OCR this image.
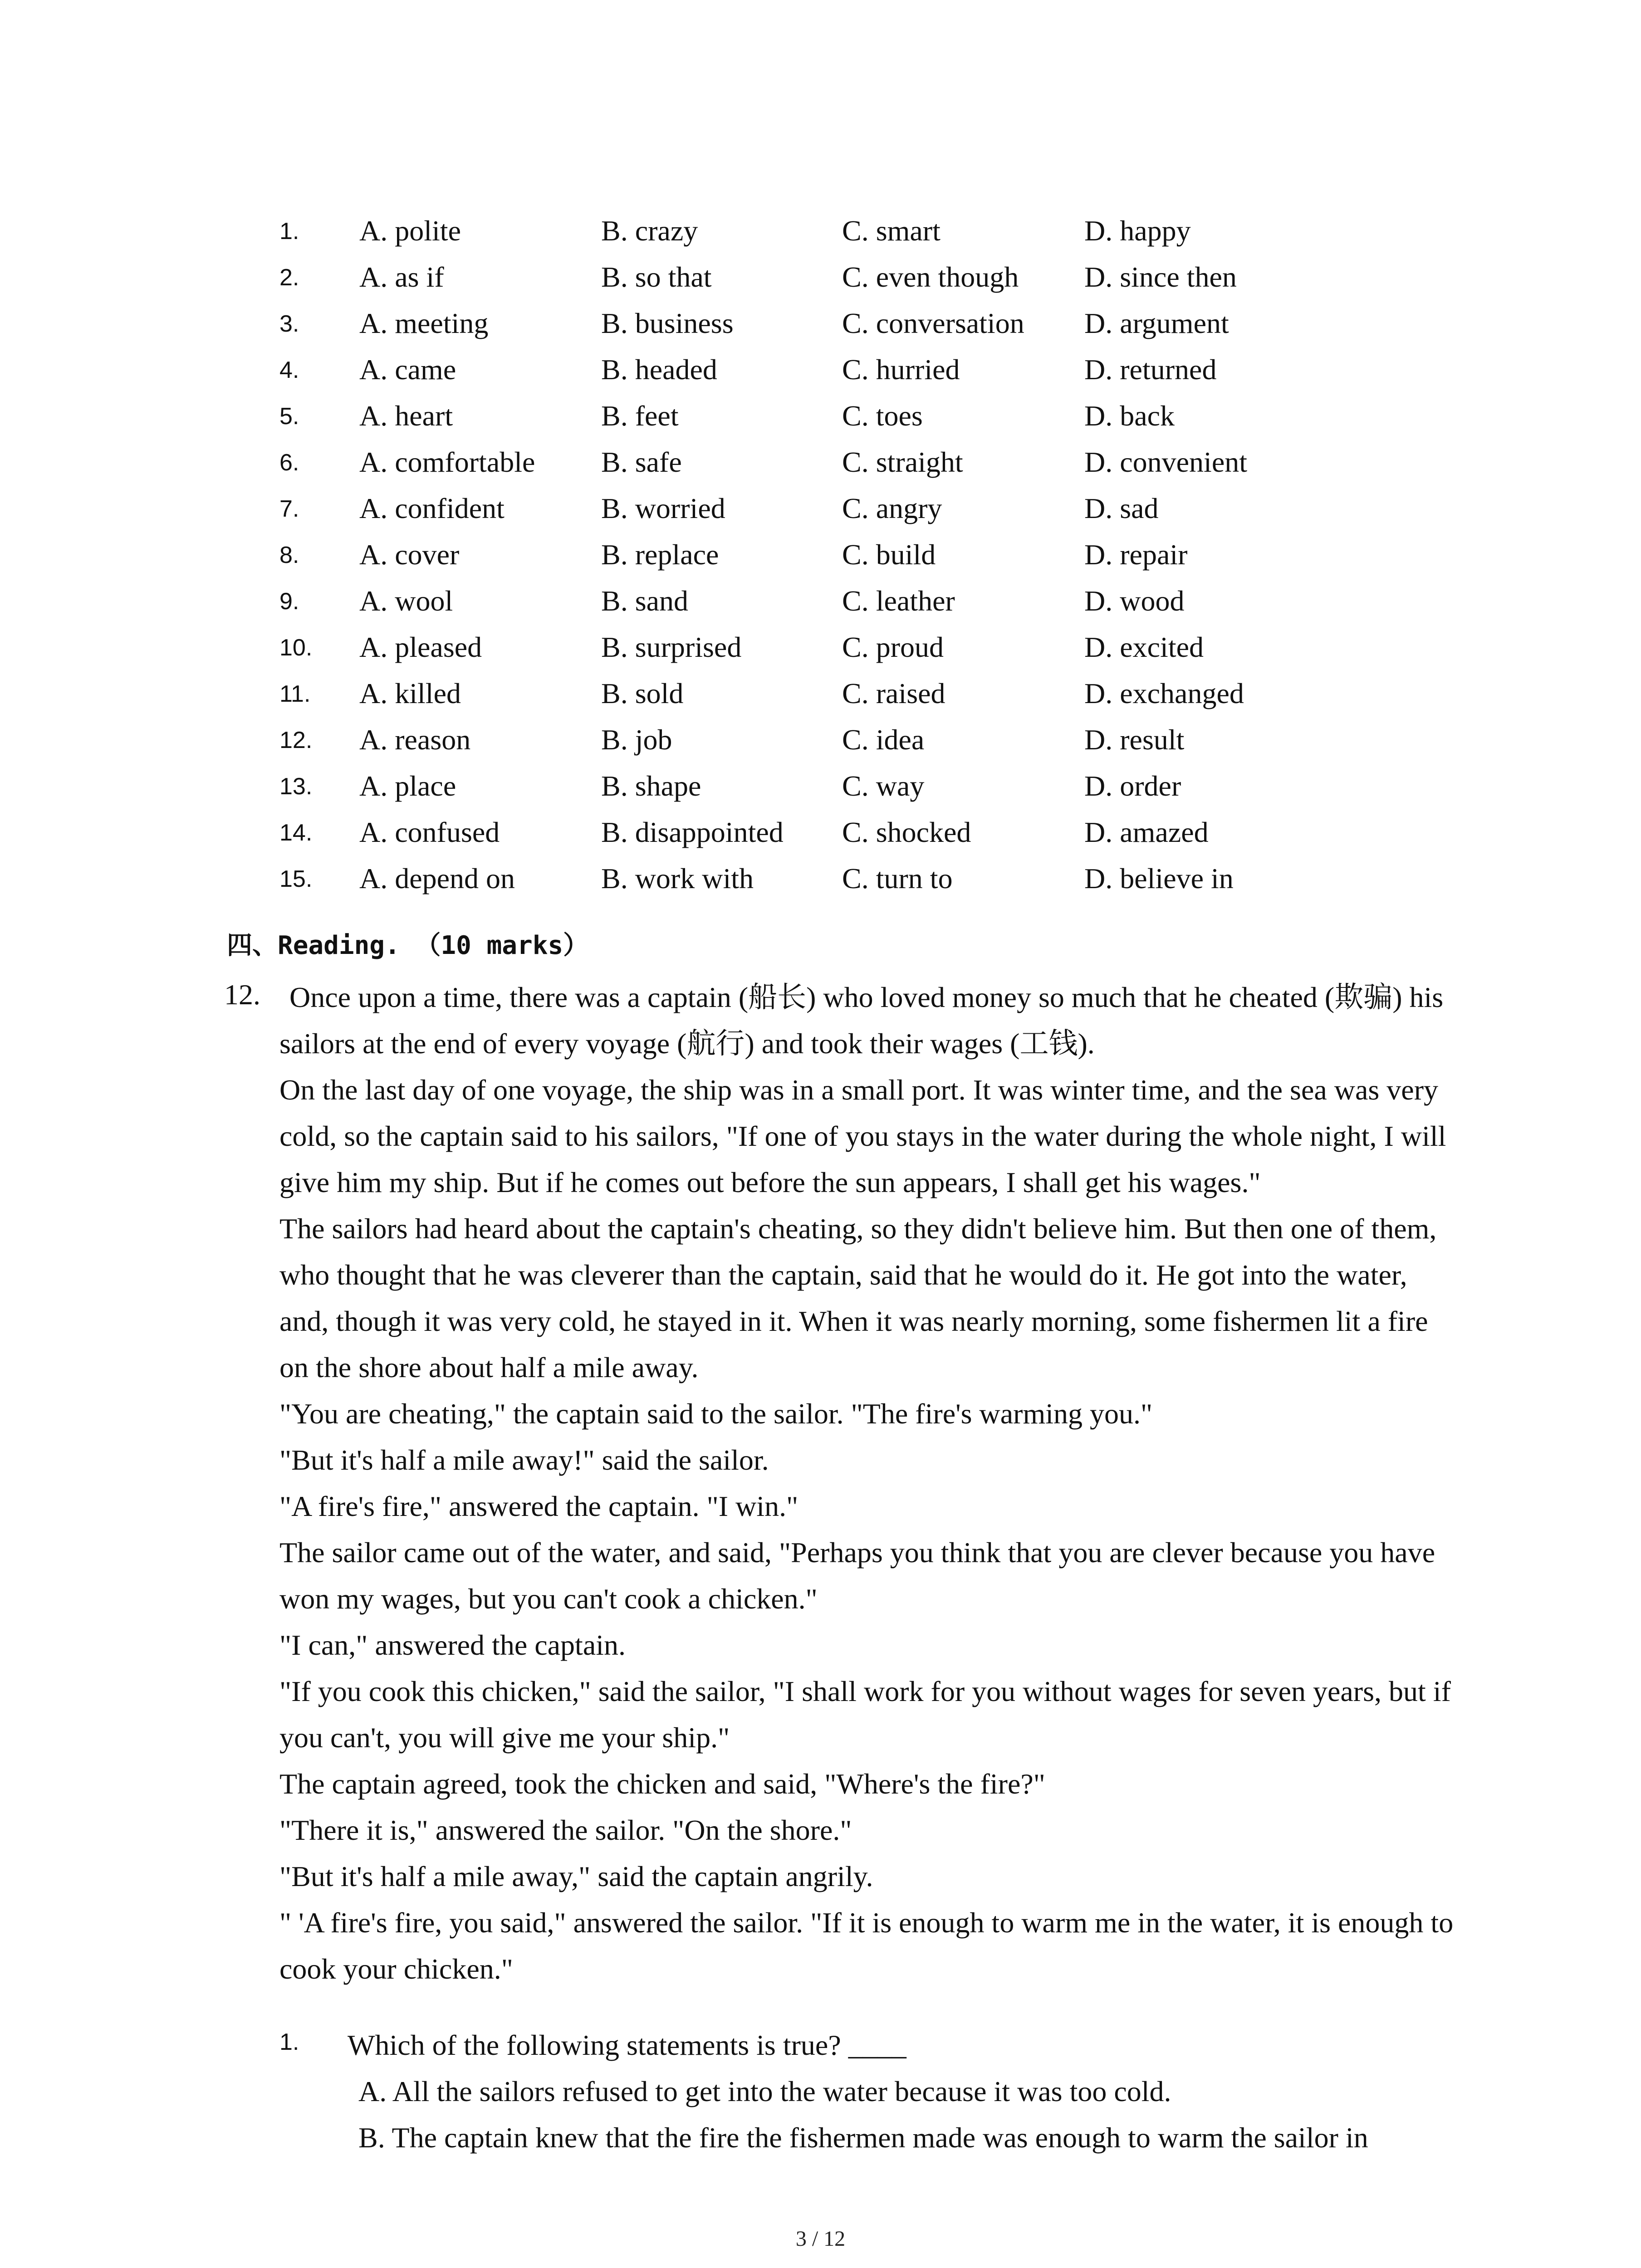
1. A. polite	B. crazy	C. smart	D. happy
2. A. as if	B. so that	C. even though D. since then
3. A. meeting	B. business	C. conversation D. argument
4. A. came	B. headed	C. hurried	D. returned
5. A. heart	B. feet	C. toes	D. back
6. A. comfortable B. safe	C. straight	D. convenient
7. A. confident	B. worried	C. angry	D. sad
8. A. cover	B. replace	C. build	D. repair
9. A. wool	B. sand	C. leather	D. wood
10. A. pleased	B. surprised	C. proud	D. excited
11. A. killed	B. sold	C. raised	D. exchanged
12. A. reason	B. job	C. idea	D. result
13. A. place	B. shape	C. way	D. order
14. A. confused	B. disappointed C. shocked	D. amazed
15. A. depend on	B. work with	C. turn to	D. believe in
四、Reading. （10 marks）
12.	Once upon a time, there was a captain (船长) who loved money so much that he cheated (欺骗) his sailors at the end of every voyage (航行) and took their wages (工钱).

On the last day of one voyage, the ship was in a small port. It was winter time, and the sea was very cold, so the captain said to his sailors, "If one of you stays in the water during the whole night, I will give him my ship. But if he comes out before the sun appears, I shall get his wages."

The sailors had heard about the captain's cheating, so they didn't believe him. But then one of them, who thought that he was cleverer than the captain, said that he would do it. He got into the water, and, though it was very cold, he stayed in it. When it was nearly morning, some fishermen lit a fire on the shore about half a mile away.

"You are cheating," the captain said to the sailor. "The fire's warming you."

"But it's half a mile away!" said the sailor.

"A fire's fire," answered the captain. "I win."

The sailor came out of the water, and said, "Perhaps you think that you are clever because you have won my wages, but you can't cook a chicken."

"I can," answered the captain.

"If you cook this chicken," said the sailor, "I shall work for you without wages for seven years, but if you can't, you will give me your ship."

The captain agreed, took the chicken and said, "Where's the fire?"

"There it is," answered the sailor. "On the shore."

"But it's half a mile away," said the captain angrily.

" 'A fire's fire, you said," answered the sailor. "If it is enough to warm me in the water, it is enough to cook your chicken."

1. Which of the following statements is true? ____
A. All the sailors refused to get into the water because it was too cold.
B. The captain knew that the fire the fishermen made was enough to warm the sailor in
3 / 12
